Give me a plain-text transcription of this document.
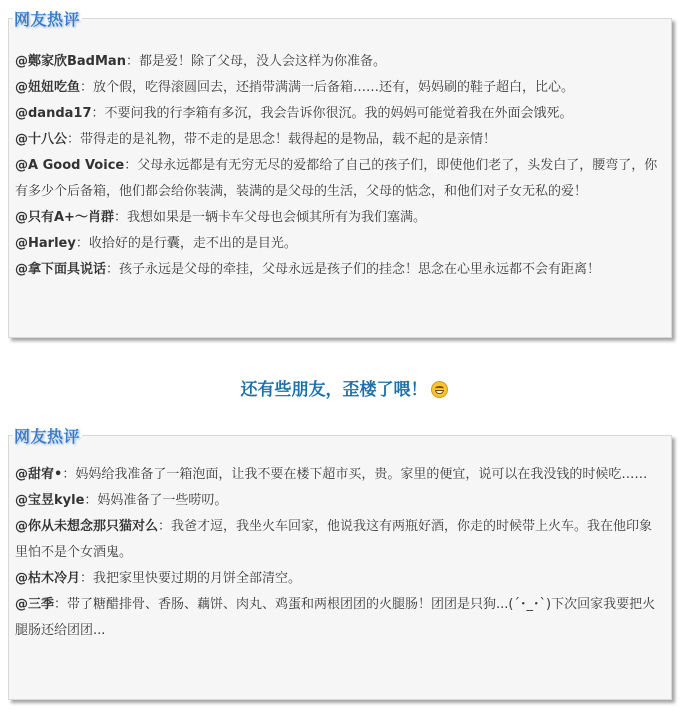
网友热评

@鄭家欣BadMan：都是爱！除了父母，没人会这样为你准备。

@妞妞吃鱼：放个假，吃得滚圆回去，还捎带满满一后备箱……还有，妈妈刷的鞋子超白，比心。

@danda17：不要问我的行李箱有多沉，我会告诉你很沉。我的妈妈可能觉着我在外面会饿死。

@十八公：带得走的是礼物，带不走的是思念！载得起的是物品，载不起的是亲情！

@A Good Voice：父母永远都是有无穷无尽的爱都给了自己的孩子们，即使他们老了，头发白了，腰弯了，你有多少个后备箱，他们都会给你装满，装满的是父母的生活，父母的惦念，和他们对子女无私的爱！

@只有A+～肖群：我想如果是一辆卡车父母也会倾其所有为我们塞满。

@Harley：收拾好的是行囊，走不出的是目光。

@拿下面具说话：孩子永远是父母的牵挂，父母永远是孩子们的挂念！思念在心里永远都不会有距离！

还有些朋友，歪楼了喂！
网友热评

@甜宥•：妈妈给我准备了一箱泡面，让我不要在楼下超市买，贵。家里的便宜，说可以在我没钱的时候吃……

@宝昱kyle：妈妈准备了一些唠叨。

@你从未想念那只猫对么：我爸才逗，我坐火车回家，他说我这有两瓶好酒，你走的时候带上火车。我在他印象里怕不是个女酒鬼。

@枯木冷月：我把家里快要过期的月饼全部清空。

@三季：带了糖醋排骨、香肠、藕饼、肉丸、鸡蛋和两根团团的火腿肠！团团是只狗...(´･_･`)下次回家我要把火腿肠还给团团...
